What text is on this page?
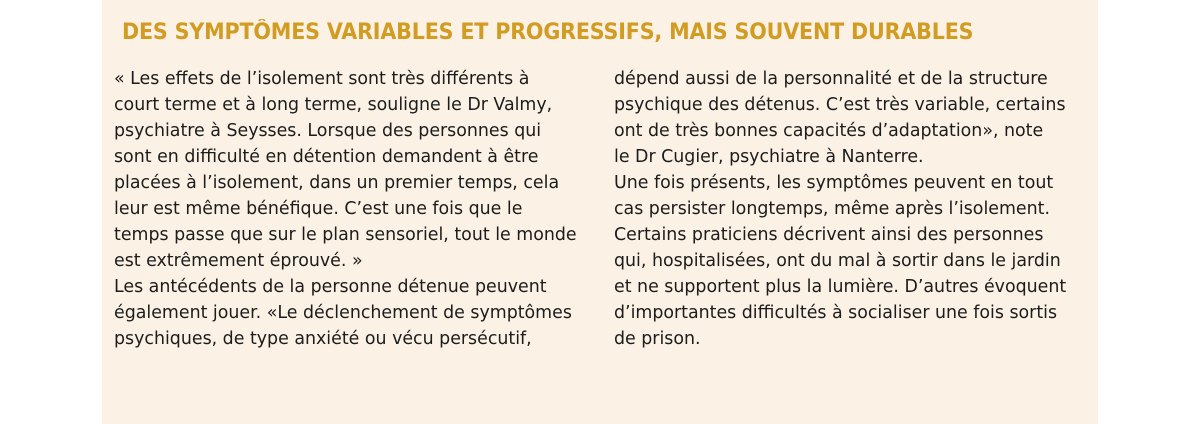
DES SYMPTÔMES VARIABLES ET PROGRESSIFS, MAIS SOUVENT DURABLES

« Les effets de l’isolement sont très différents à
court terme et à long terme, souligne le Dr Valmy,
psychiatre à Seysses. Lorsque des personnes qui
sont en difficulté en détention demandent à être
placées à l’isolement, dans un premier temps, cela
leur est même bénéfique. C’est une fois que le
temps passe que sur le plan sensoriel, tout le monde
est extrêmement éprouvé. »

Les antécédents de la personne détenue peuvent
également jouer. «Le déclenchement de symptômes
psychiques, de type anxiété ou vécu persécutif,

dépend aussi de la personnalité et de la structure
psychique des détenus. C’est très variable, certains
ont de très bonnes capacités d’adaptation», note
le Dr Cugier, psychiatre à Nanterre.

Une fois présents, les symptômes peuvent en tout
cas persister longtemps, même après l’isolement.
Certains praticiens décrivent ainsi des personnes
qui, hospitalisées, ont du mal à sortir dans le jardin
et ne supportent plus la lumière. D’autres évoquent
d’importantes difficultés à socialiser une fois sortis
de prison.
